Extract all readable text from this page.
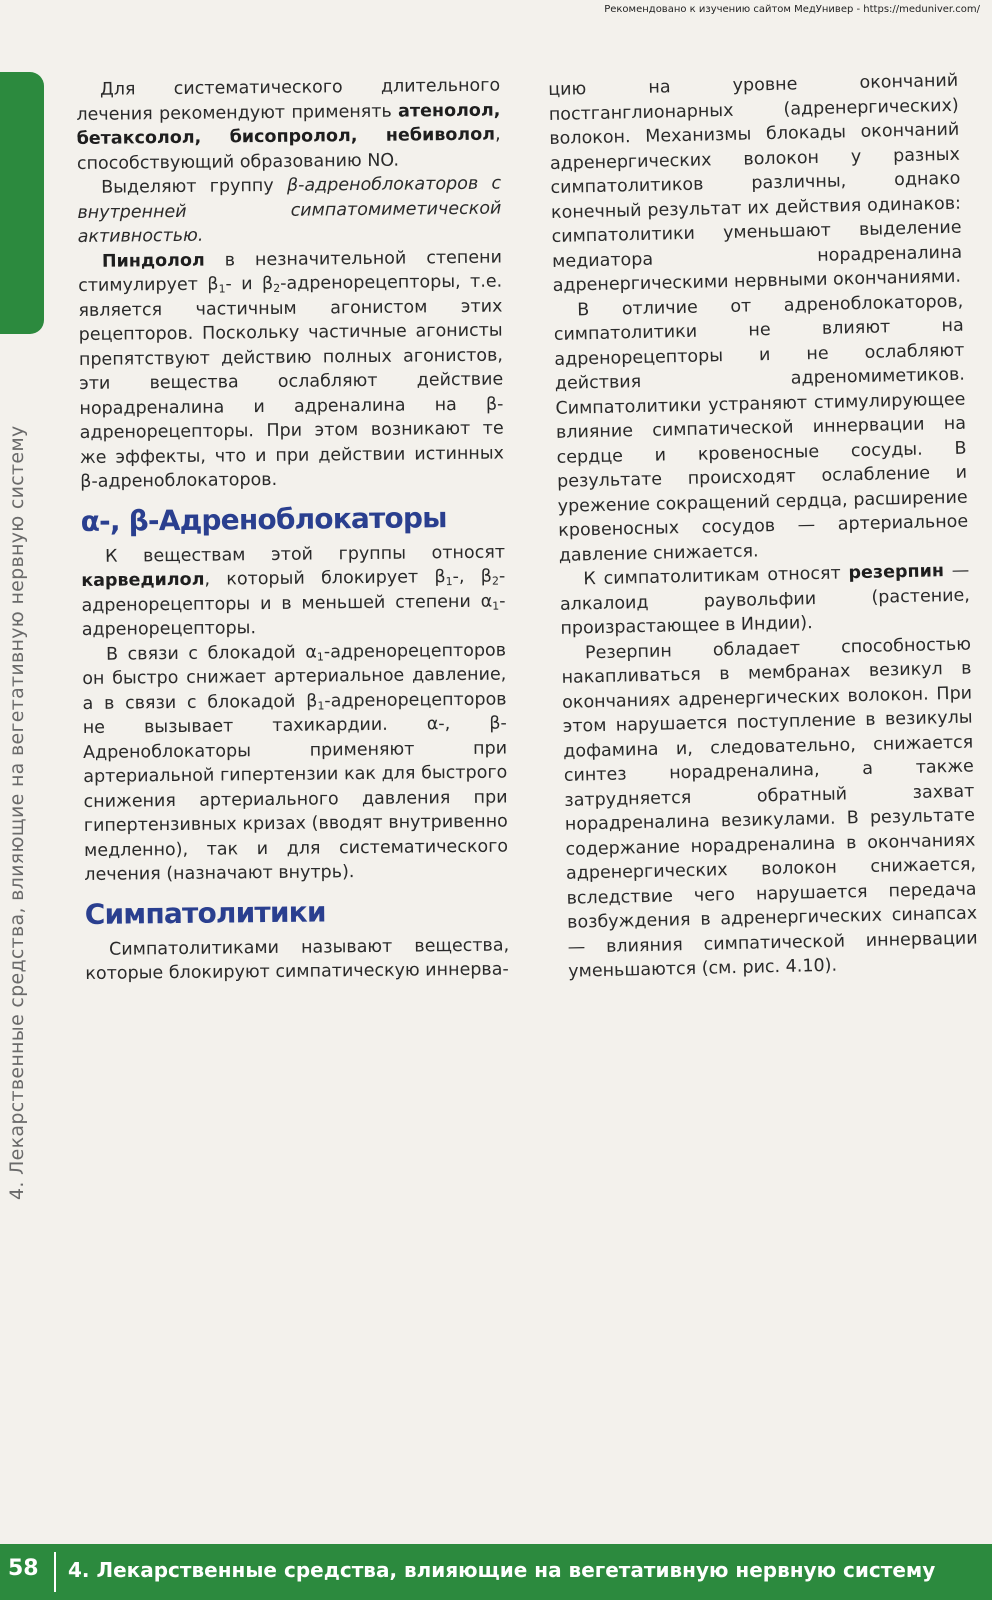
Рекомендовано к изучению сайтом МедУнивер - https://meduniver.com/
4. Лекарственные средства, влияющие на вегетативную нервную систему

Для систематического длительного лечения рекомендуют применять атенолол, бетаксолол, бисопролол, небиволол, способствующий образованию NO.

Выделяют группу β-адреноблокаторов с внутренней симпатомиметической активностью.

Пиндолол в незначительной степени стимулирует $\beta_1-$ и $\beta_2$-адренорецепторы, т.е. является частичным агонистом этих рецепторов. Поскольку частичные агонисты препятствуют действию полных агонистов, эти вещества ослабляют действие норадреналина и адреналина на β-адренорецепторы. При этом возникают те же эффекты, что и при действии истинных β-адреноблокаторов.

α-, β-Адреноблокаторы

К веществам этой группы относят карведилол, который блокирует $\beta_1-$, $\beta_2$-адренорецепторы и в меньшей степени $\alpha_1$-адренорецепторы.

В связи с блокадой $\alpha_1$-адренорецепторов он быстро снижает артериальное давление, а в связи с блокадой $\beta_1$-адренорецепторов не вызывает тахикардии. α-, β-Адреноблокаторы применяют при артериальной гипертензии как для быстрого снижения артериального давления при гипертензивных кризах (вводят внутривенно медленно), так и для систематического лечения (назначают внутрь).

Симпатолитики

Симпатолитиками называют вещества, которые блокируют симпатическую иннерва-

цию на уровне окончаний постганглионарных (адренергических) волокон. Механизмы блокады окончаний адренергических волокон у разных симпатолитиков различны, однако конечный результат их действия одинаков: симпатолитики уменьшают выделение медиатора норадреналина адренергическими нервными окончаниями.

В отличие от адреноблокаторов, симпатолитики не влияют на адренорецепторы и не ослабляют действия адреномиметиков. Симпатолитики устраняют стимулирующее влияние симпатической иннервации на сердце и кровеносные сосуды. В результате происходят ослабление и урежение сокращений сердца, расширение кровеносных сосудов — артериальное давление снижается.

К симпатолитикам относят резерпин — алкалоид раувольфии (растение, произрастающее в Индии).

Резерпин обладает способностью накапливаться в мембранах везикул в окончаниях адренергических волокон. При этом нарушается поступление в везикулы дофамина и, следовательно, снижается синтез норадреналина, а также затрудняется обратный захват норадреналина везикулами. В результате содержание норадреналина в окончаниях адренергических волокон снижается, вследствие чего нарушается передача возбуждения в адренергических синапсах — влияния симпатической иннервации уменьшаются (см. рис. 4.10).

58 4. Лекарственные средства, влияющие на вегетативную нервную систему
